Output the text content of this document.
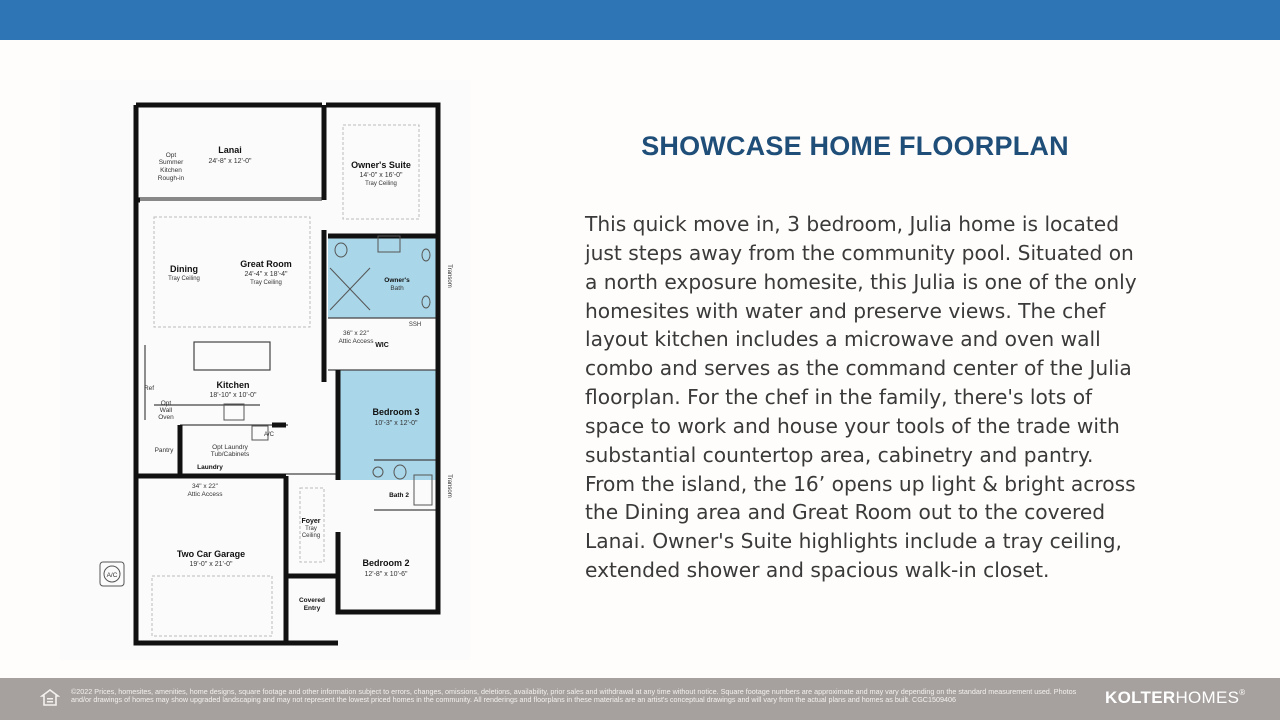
Lanai
24'-8" x 12'-0"
Opt
Summer
Kitchen
Rough-in
Owner's Suite
14'-0" x 16'-0"
Tray Ceiling
Dining
Tray Ceiling
Great Room
24'-4" x 18'-4"
Tray Ceiling	Owner's
Bath
Transom
Transom
36" x 22"
Attic Access
SSH
WIC
Kitchen
18'-10" x 10'-0"
Ref
Opt
Wall
Oven
Bedroom 3
10'-3" x 12'-0"
Pantry	Opt Laundry
Tub/Cabinets
A/C
Laundry
Bath 2
34" x 22"
Attic Access
Foyer
Tray
Ceiling
Two Car Garage
19'-0" x 21'-0"
A/C
Bedroom 2
12'-8" x 10'-6"
Covered
Entry
SHOWCASE HOME FLOORPLAN

This quick move in, 3 bedroom, Julia home is located just steps away from the community pool. Situated on a north exposure homesite, this Julia is one of the only homesites with water and preserve views. The chef layout kitchen includes a microwave and oven wall combo and serves as the command center of the Julia floorplan. For the chef in the family, there's lots of space to work and house your tools of the trade with substantial countertop area, cabinetry and pantry. From the island, the 16’ opens up light & bright across the Dining area and Great Room out to the covered Lanai. Owner's Suite highlights include a tray ceiling, extended shower and spacious walk-in closet.

©2022 Prices, homesites, amenities, home designs, square footage and other information subject to errors, changes, omissions, deletions, availability, prior sales and withdrawal at any time without notice. Square footage numbers are approximate and may vary depending on the standard measurement used. Photos and/or drawings of homes may show upgraded landscaping and may not represent the lowest priced homes in the community. All renderings and floorplans in these materials are an artist's conceptual drawings and will vary from the actual plans and homes as built. CGC1509406	KOLTERHOMES®
